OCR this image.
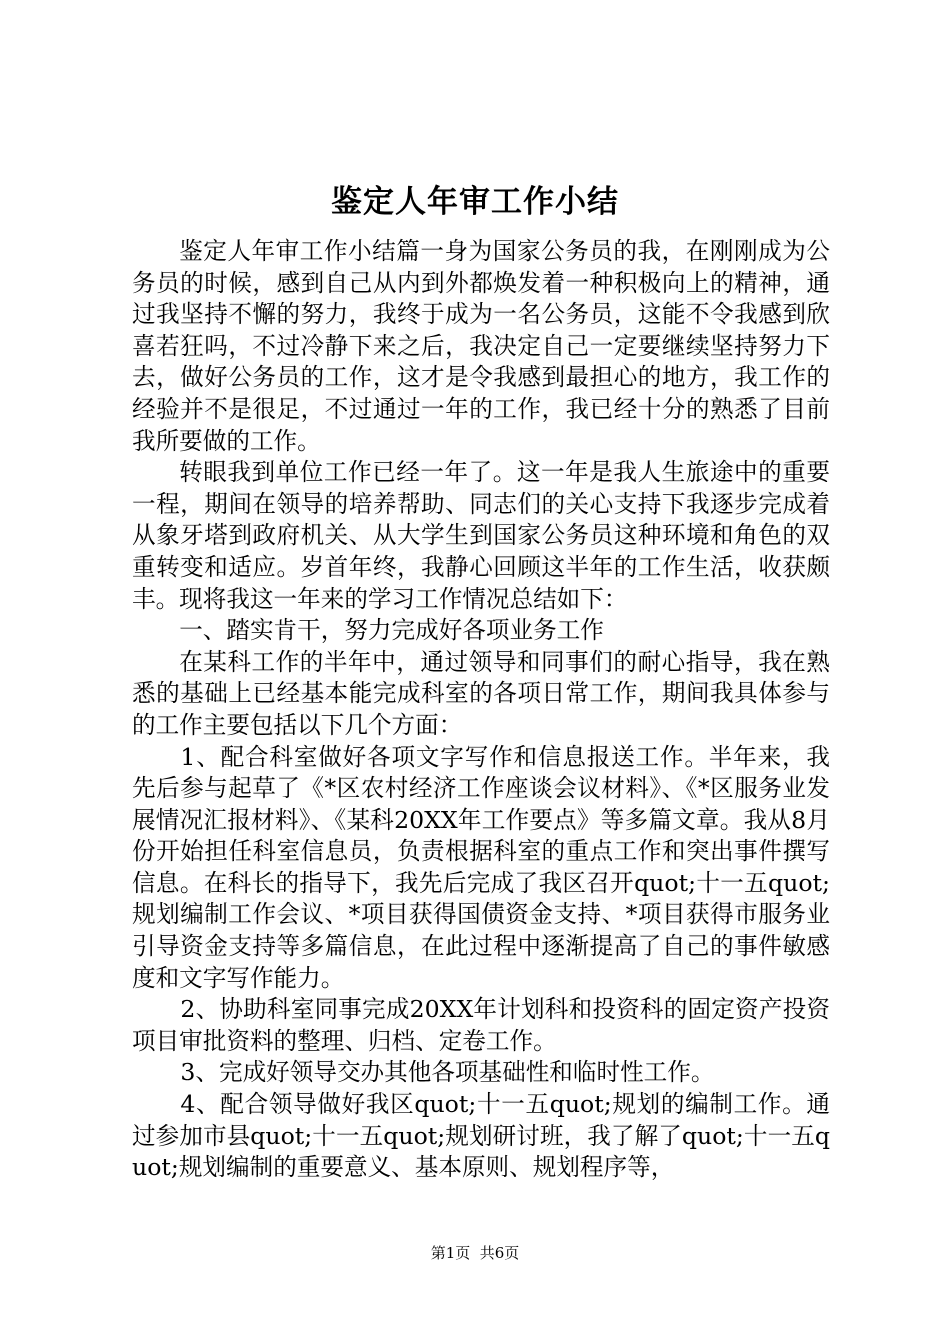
鉴定人年审工作小结

鉴定人年审工作小结篇一身为国家公务员的我，在刚刚成为公务员的时候，感到自己从内到外都焕发着一种积极向上的精神，通过我坚持不懈的努力，我终于成为一名公务员，这能不令我感到欣喜若狂吗，不过冷静下来之后，我决定自己一定要继续坚持努力下去，做好公务员的工作，这才是令我感到最担心的地方，我工作的经验并不是很足，不过通过一年的工作，我已经十分的熟悉了目前我所要做的工作。

转眼我到单位工作已经一年了。这一年是我人生旅途中的重要一程，期间在领导的培养帮助、同志们的关心支持下我逐步完成着从象牙塔到政府机关、从大学生到国家公务员这种环境和角色的双重转变和适应。岁首年终，我静心回顾这半年的工作生活，收获颇丰。现将我这一年来的学习工作情况总结如下：

一、踏实肯干，努力完成好各项业务工作

在某科工作的半年中，通过领导和同事们的耐心指导，我在熟悉的基础上已经基本能完成科室的各项日常工作，期间我具体参与的工作主要包括以下几个方面：

1、配合科室做好各项文字写作和信息报送工作。半年来，我先后参与起草了《*区农村经济工作座谈会议材料》、《*区服务业发展情况汇报材料》、《某科20XX年工作要点》等多篇文章。我从8月份开始担任科室信息员，负责根据科室的重点工作和突出事件撰写信息。在科长的指导下，我先后完成了我区召开quot;十一五quot;规划编制工作会议、*项目获得国债资金支持、*项目获得市服务业引导资金支持等多篇信息，在此过程中逐渐提高了自己的事件敏感度和文字写作能力。

2、协助科室同事完成20XX年计划科和投资科的固定资产投资项目审批资料的整理、归档、定卷工作。

3、完成好领导交办其他各项基础性和临时性工作。

4、配合领导做好我区quot;十一五quot;规划的编制工作。通过参加市县quot;十一五quot;规划研讨班，我了解了quot;十一五quot;规划编制的重要意义、基本原则、规划程序等，

第1页  共6页
